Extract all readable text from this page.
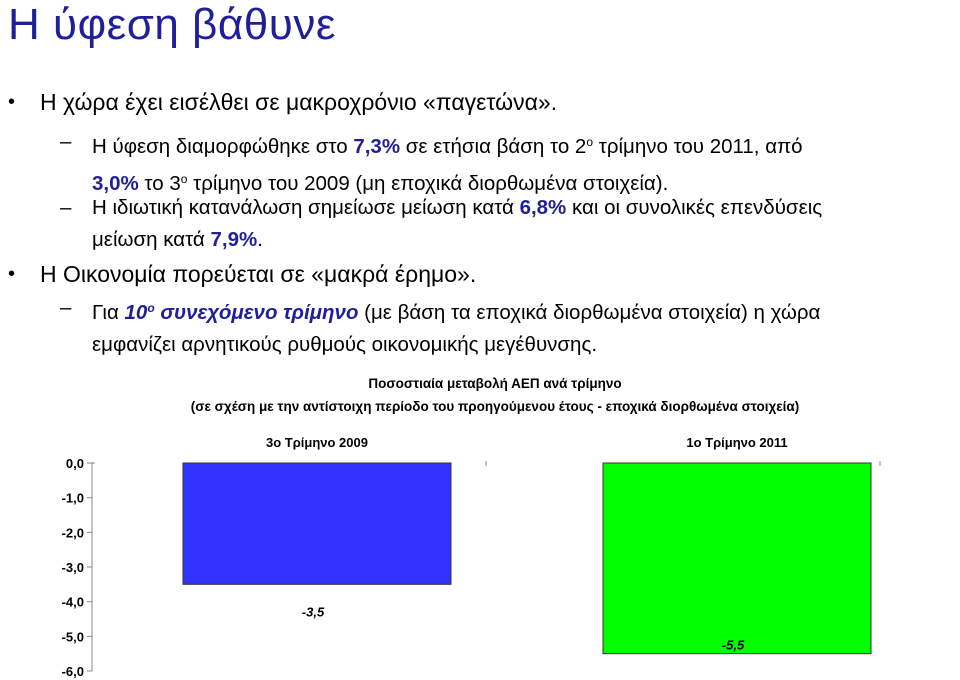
Η ύφεση βάθυνε
• Η χώρα έχει εισέλθει σε μακροχρόνιο «παγετώνα».
– Η ύφεση διαμορφώθηκε στο 7,3% σε ετήσια βάση το $2^o$ τρίμηνο του 2011, από
3,0% το $3^o$ τρίμηνο του 2009 (μη εποχικά διορθωμένα στοιχεία).
– Η ιδιωτική κατανάλωση σημείωσε μείωση κατά 6,8% και οι συνολικές επενδύσεις
μείωση κατά 7,9%.
• Η Οικονομία πορεύεται σε «μακρά έρημο».
– Για $10^o$ συνεχόμενο τρίμηνο (με βάση τα εποχικά διορθωμένα στοιχεία) η χώρα
εμφανίζει αρνητικούς ρυθμούς οικονομικής μεγέθυνσης.
Ποσοστιαία μεταβολή ΑΕΠ ανά τρίμηνο
(σε σχέση με την αντίστοιχη περίοδο του προηγούμενου έτους - εποχικά διορθωμένα στοιχεία)
0,0
-1,0
-2,0
-3,0
-4,0
-5,0
-6,0
3ο Τρίμηνο 2009
-3,5
1ο Τρίμηνο 2011
-5,5
